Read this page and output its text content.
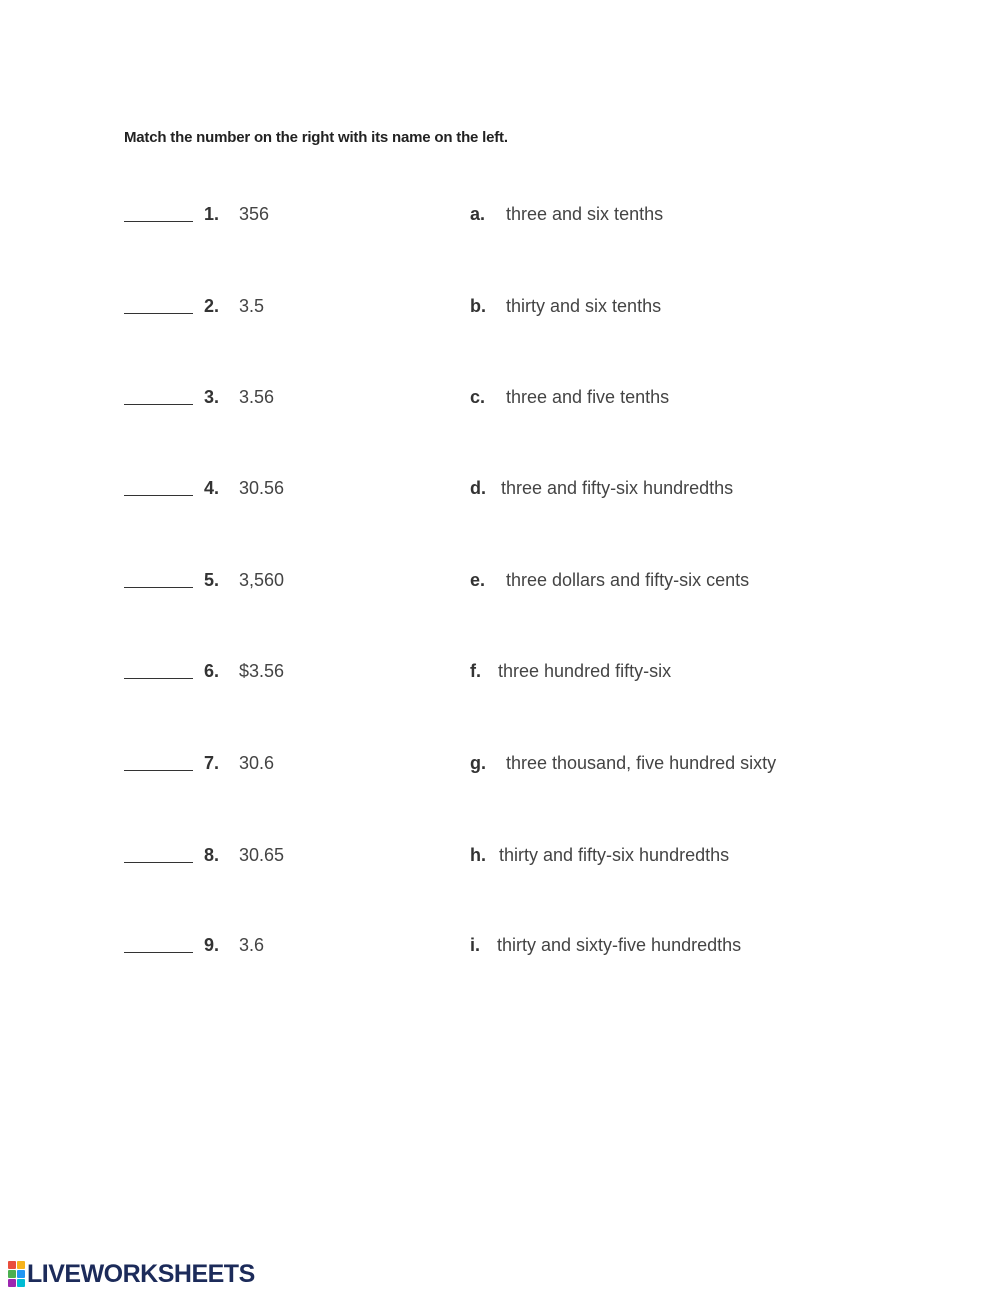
Match the number on the right with its name on the left.
1. 356	a. three and six tenths
2. 3.5	b. thirty and six tenths
3. 3.56	c. three and five tenths
4. 30.56	d. three and fifty-six hundredths
5. 3,560	e. three dollars and fifty-six cents
6. $3.56	f. three hundred fifty-six
7. 30.6	g. three thousand, five hundred sixty
8. 30.65	h. thirty and fifty-six hundredths
9. 3.6	i. thirty and sixty-five hundredths
LIVEWORKSHEETS
